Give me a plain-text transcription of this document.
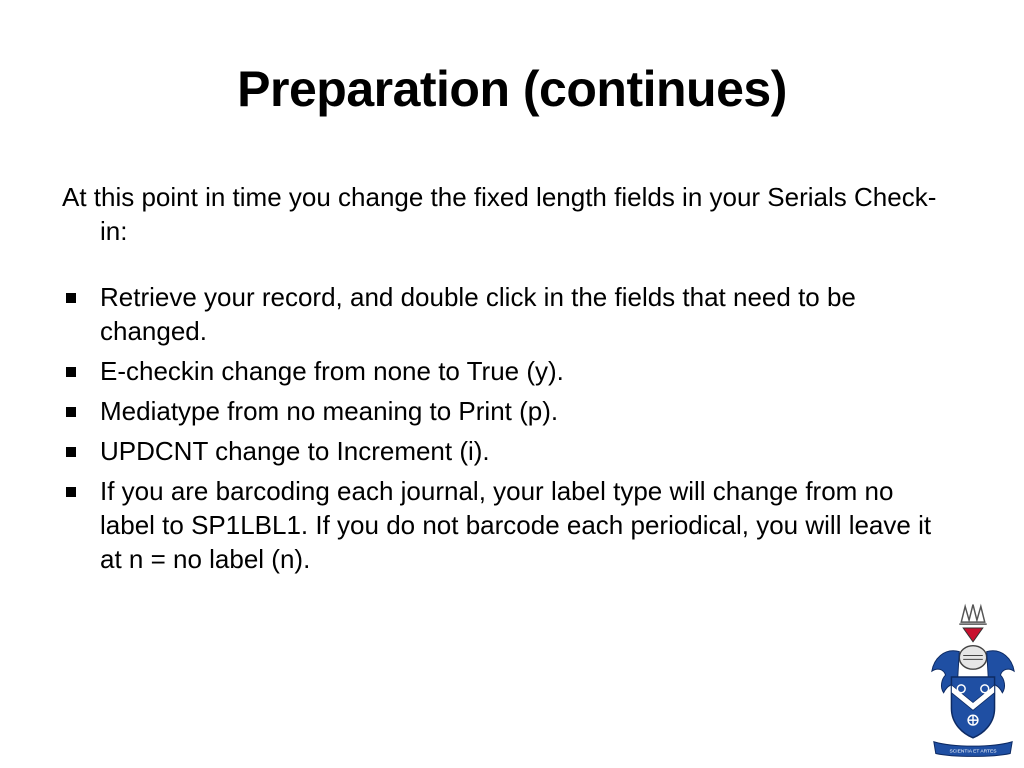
Preparation (continues)

At this point in time you change the fixed length fields in your Serials Check-in:

Retrieve your record, and double click in the fields that need to be changed.
E-checkin change from none to True (y).
Mediatype from no meaning to Print (p).
UPDCNT change to Increment (i).
If you are barcoding each journal, your label type will change from no label to SP1LBL1. If you do not barcode each periodical, you will leave it at n = no label (n).
SCIENTIA ET ARTES
